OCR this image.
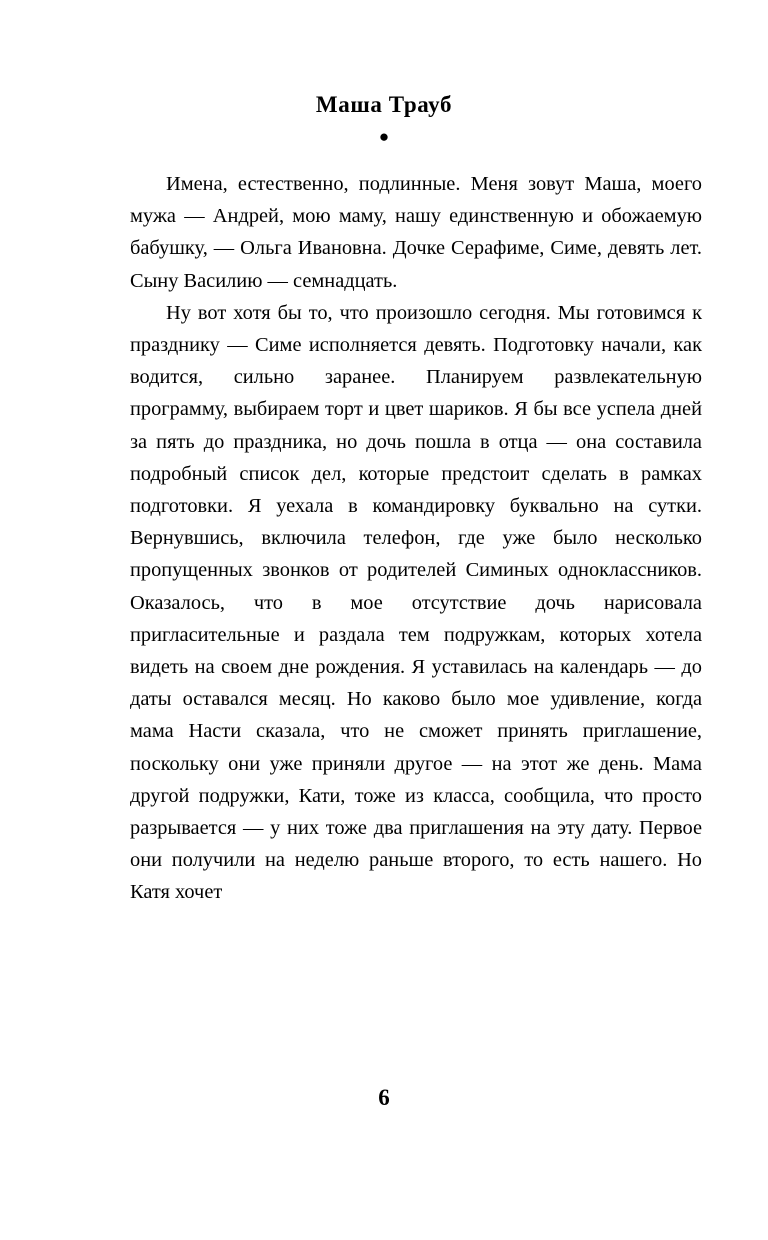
Маша Трауб
●

Имена, естественно, подлинные. Меня зовут Маша, моего мужа — Андрей, мою маму, нашу единственную и обожаемую бабушку, — Ольга Ивановна. Дочке Серафиме, Симе, девять лет. Сыну Василию — семнадцать.

Ну вот хотя бы то, что произошло сегодня. Мы готовимся к празднику — Симе исполняется девять. Подготовку начали, как водится, сильно заранее. Планируем развлекательную программу, выбираем торт и цвет шариков. Я бы все успела дней за пять до праздника, но дочь пошла в отца — она составила подробный список дел, которые предстоит сделать в рамках подготовки. Я уехала в командировку буквально на сутки. Вернувшись, включила телефон, где уже было несколько пропущенных звонков от родителей Симиных одноклассников. Оказалось, что в мое отсутствие дочь нарисовала пригласительные и раздала тем подружкам, которых хотела видеть на своем дне рождения. Я уставилась на календарь — до даты оставался месяц. Но каково было мое удивление, когда мама Насти сказала, что не сможет принять приглашение, поскольку они уже приняли другое — на этот же день. Мама другой подружки, Кати, тоже из класса, сообщила, что просто разрывается — у них тоже два приглашения на эту дату. Первое они получили на неделю раньше второго, то есть нашего. Но Катя хочет

6
